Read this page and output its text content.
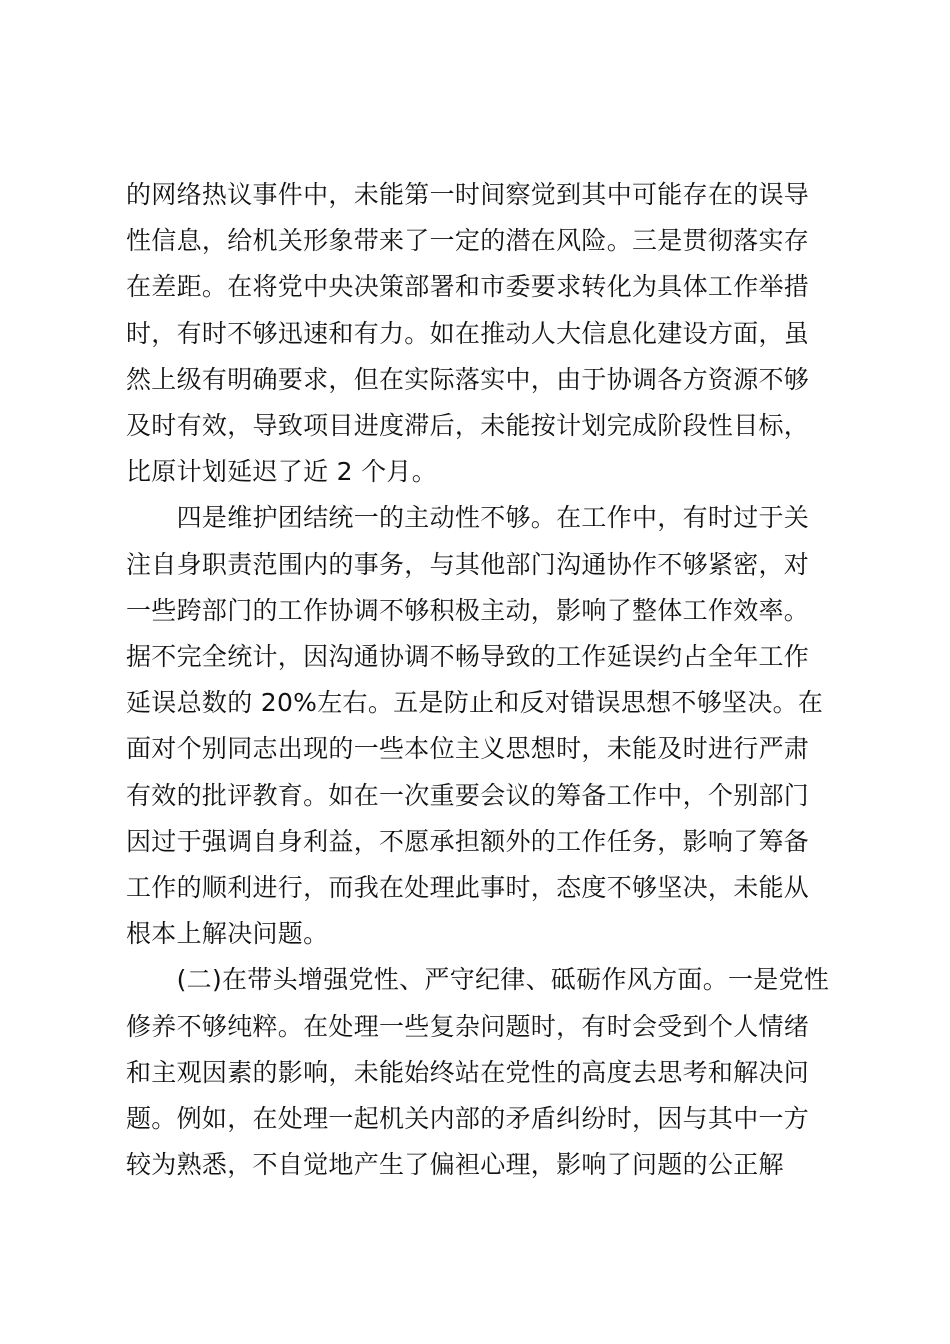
的网络热议事件中，未能第一时间察觉到其中可能存在的误导
性信息，给机关形象带来了一定的潜在风险。三是贯彻落实存
在差距。在将党中央决策部署和市委要求转化为具体工作举措
时，有时不够迅速和有力。如在推动人大信息化建设方面，虽
然上级有明确要求，但在实际落实中，由于协调各方资源不够
及时有效，导致项目进度滞后，未能按计划完成阶段性目标，
比原计划延迟了近 2 个月。
　　四是维护团结统一的主动性不够。在工作中，有时过于关
注自身职责范围内的事务，与其他部门沟通协作不够紧密，对
一些跨部门的工作协调不够积极主动，影响了整体工作效率。
据不完全统计，因沟通协调不畅导致的工作延误约占全年工作
延误总数的 20%左右。五是防止和反对错误思想不够坚决。在
面对个别同志出现的一些本位主义思想时，未能及时进行严肃
有效的批评教育。如在一次重要会议的筹备工作中，个别部门
因过于强调自身利益，不愿承担额外的工作任务，影响了筹备
工作的顺利进行，而我在处理此事时，态度不够坚决，未能从
根本上解决问题。
　　(二)在带头增强党性、严守纪律、砥砺作风方面。一是党性
修养不够纯粹。在处理一些复杂问题时，有时会受到个人情绪
和主观因素的影响，未能始终站在党性的高度去思考和解决问
题。例如，在处理一起机关内部的矛盾纠纷时，因与其中一方
较为熟悉，不自觉地产生了偏袒心理，影响了问题的公正解
